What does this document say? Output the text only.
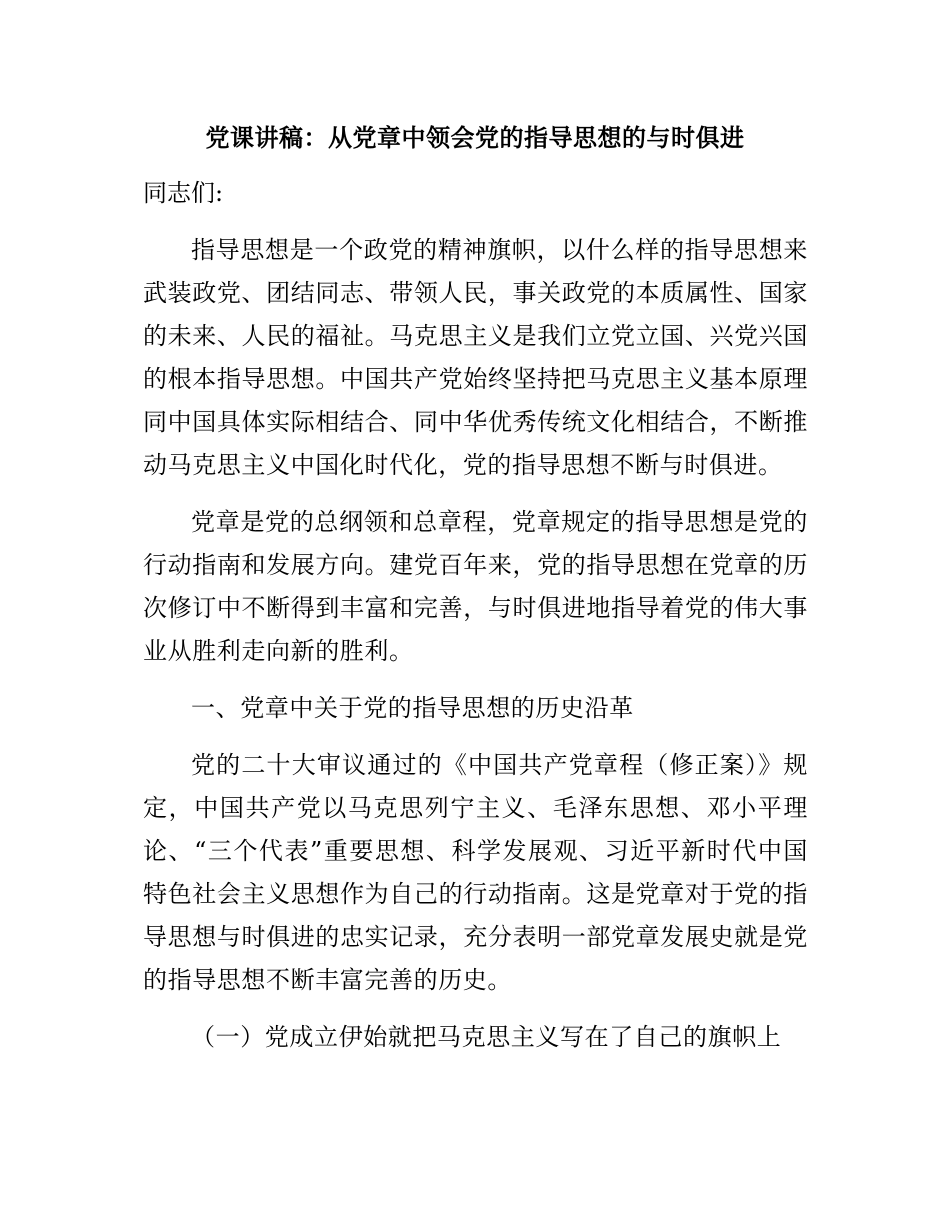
党课讲稿：从党章中领会党的指导思想的与时俱进

同志们:

指导思想是一个政党的精神旗帜，以什么样的指导思想来武装政党、团结同志、带领人民，事关政党的本质属性、国家的未来、人民的福祉。马克思主义是我们立党立国、兴党兴国的根本指导思想。中国共产党始终坚持把马克思主义基本原理同中国具体实际相结合、同中华优秀传统文化相结合，不断推动马克思主义中国化时代化，党的指导思想不断与时俱进。

党章是党的总纲领和总章程，党章规定的指导思想是党的行动指南和发展方向。建党百年来，党的指导思想在党章的历次修订中不断得到丰富和完善，与时俱进地指导着党的伟大事业从胜利走向新的胜利。

一、党章中关于党的指导思想的历史沿革

党的二十大审议通过的《中国共产党章程（修正案）》规定，中国共产党以马克思列宁主义、毛泽东思想、邓小平理论、“三个代表”重要思想、科学发展观、习近平新时代中国特色社会主义思想作为自己的行动指南。这是党章对于党的指导思想与时俱进的忠实记录，充分表明一部党章发展史就是党的指导思想不断丰富完善的历史。

（一）党成立伊始就把马克思主义写在了自己的旗帜上
